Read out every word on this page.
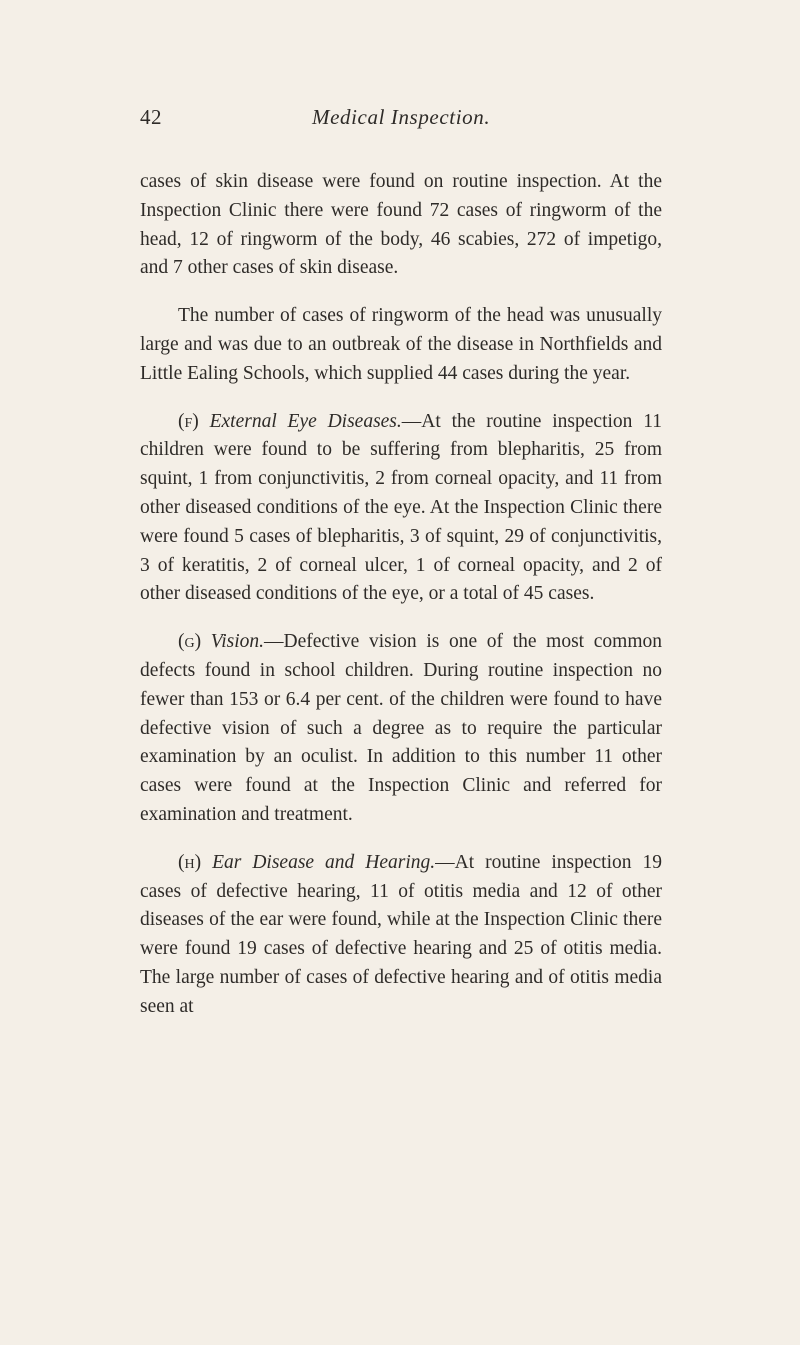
42	Medical Inspection.

cases of skin disease were found on routine inspection. At the Inspection Clinic there were found 72 cases of ringworm of the head, 12 of ringworm of the body, 46 scabies, 272 of impetigo, and 7 other cases of skin disease.

The number of cases of ringworm of the head was unusually large and was due to an outbreak of the disease in Northfields and Little Ealing Schools, which supplied 44 cases during the year.

(f) External Eye Diseases.—At the routine inspection 11 children were found to be suffering from blepharitis, 25 from squint, 1 from conjunctivitis, 2 from corneal opacity, and 11 from other diseased conditions of the eye. At the Inspection Clinic there were found 5 cases of blepharitis, 3 of squint, 29 of conjunctivitis, 3 of keratitis, 2 of corneal ulcer, 1 of corneal opacity, and 2 of other diseased conditions of the eye, or a total of 45 cases.

(g) Vision.—Defective vision is one of the most common defects found in school children. During routine inspection no fewer than 153 or 6.4 per cent. of the children were found to have defective vision of such a degree as to require the particular examination by an oculist. In addition to this number 11 other cases were found at the Inspection Clinic and referred for examination and treatment.

(h) Ear Disease and Hearing.—At routine inspection 19 cases of defective hearing, 11 of otitis media and 12 of other diseases of the ear were found, while at the Inspection Clinic there were found 19 cases of defective hearing and 25 of otitis media. The large number of cases of defective hearing and of otitis media seen at
